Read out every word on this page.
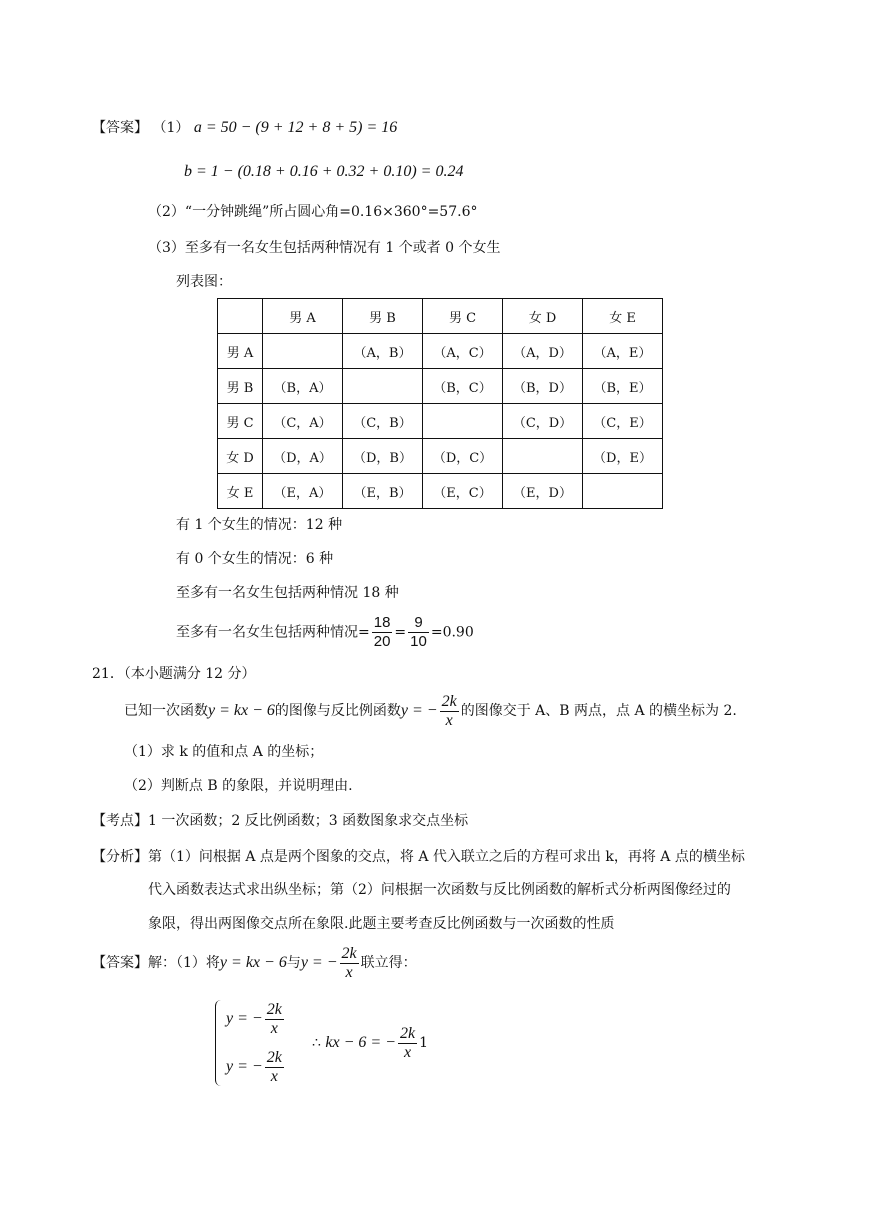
【答案】 （1） a = 50 − (9 + 12 + 8 + 5) = 16
b = 1 − (0.18 + 0.16 + 0.32 + 0.10) = 0.24
（2）“一分钟跳绳”所占圆心角=0.16×360°=57.6°
（3）至多有一名女生包括两种情况有 1 个或者 0 个女生
列表图：
	男 A	男 B	男 C	女 D	女 E
男 A		（A，B）	（A，C）	（A，D）	（A，E）
男 B	（B，A）		（B，C）	（B，D）	（B，E）
男 C	（C，A）	（C，B）		（C，D）	（C，E）
女 D	（D，A）	（D，B）	（D，C）		（D，E）
女 E	（E，A）	（E，B）	（E，C）	（E，D）	
有 1 个女生的情况：12 种
有 0 个女生的情况：6 种
至多有一名女生包括两种情况 18 种
至多有一名女生包括两种情况= $\frac{18}{20} = \frac{9}{10} =0.90$
21．（本小题满分 12 分）
已知一次函数y = kx − 6的图像与反比例函数y = − $\frac{2k}{x}$ 的图像交于 A、B 两点，点 A 的横坐标为 2.
（1）求 k 的值和点 A 的坐标；
（2）判断点 B 的象限，并说明理由.
【考点】1 一次函数；2 反比例函数；3 函数图象求交点坐标
【分析】第（1）问根据 A 点是两个图象的交点，将 A 代入联立之后的方程可求出 k，再将 A 点的横坐标
代入函数表达式求出纵坐标；第（2）问根据一次函数与反比例函数的解析式分析两图像经过的
象限，得出两图像交点所在象限.此题主要考查反比例函数与一次函数的性质
【答案】解：（1）将y = kx − 6与y = − $\frac{2k}{x}$ 联立得：
y = − $\frac{2k}{x}$
y = − $\frac{2k}{x}$
∴ kx − 6 = − $\frac{2k}{x} 1$
